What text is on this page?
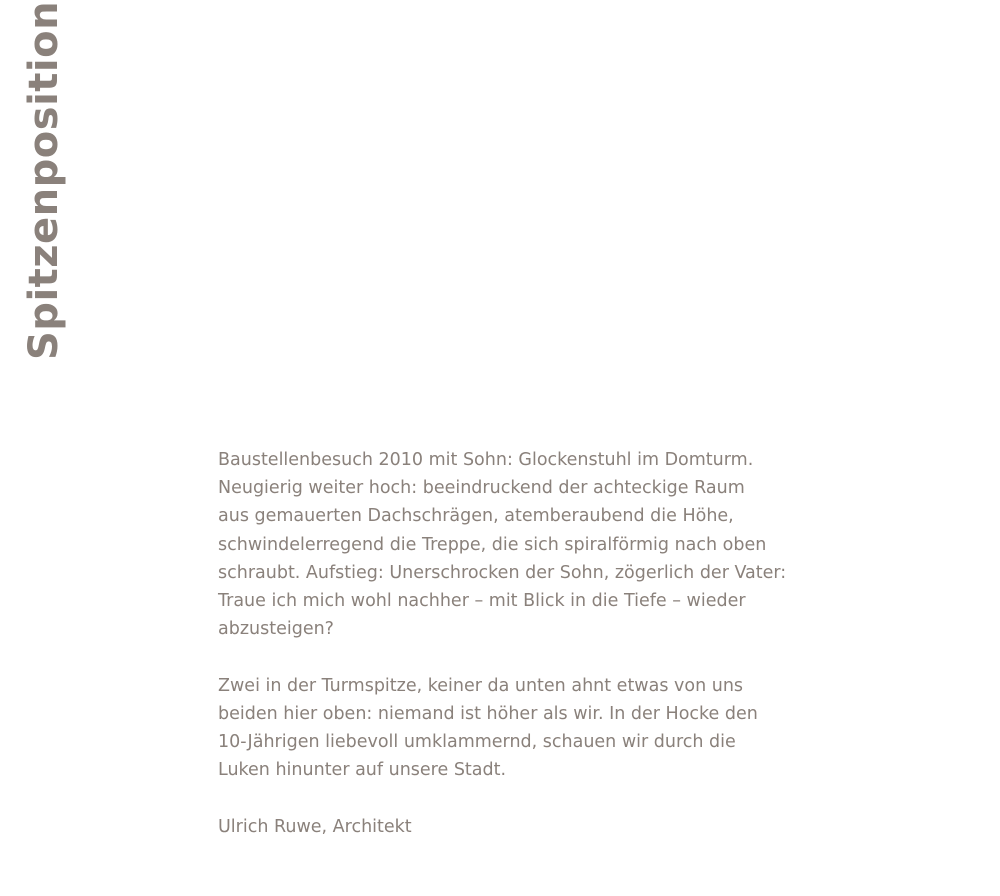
Spitzenposition
Baustellenbesuch 2010 mit Sohn: Glockenstuhl im Domturm.
Neugierig weiter hoch: beeindruckend der achteckige Raum
aus gemauerten Dachschrägen, atemberaubend die Höhe,
schwindelerregend die Treppe, die sich spiralförmig nach oben
schraubt. Aufstieg: Unerschrocken der Sohn, zögerlich der Vater:
Traue ich mich wohl nachher – mit Blick in die Tiefe – wieder
abzusteigen?
Zwei in der Turmspitze, keiner da unten ahnt etwas von uns
beiden hier oben: niemand ist höher als wir. In der Hocke den
10-Jährigen liebevoll umklammernd, schauen wir durch die
Luken hinunter auf unsere Stadt.
Ulrich Ruwe, Architekt
